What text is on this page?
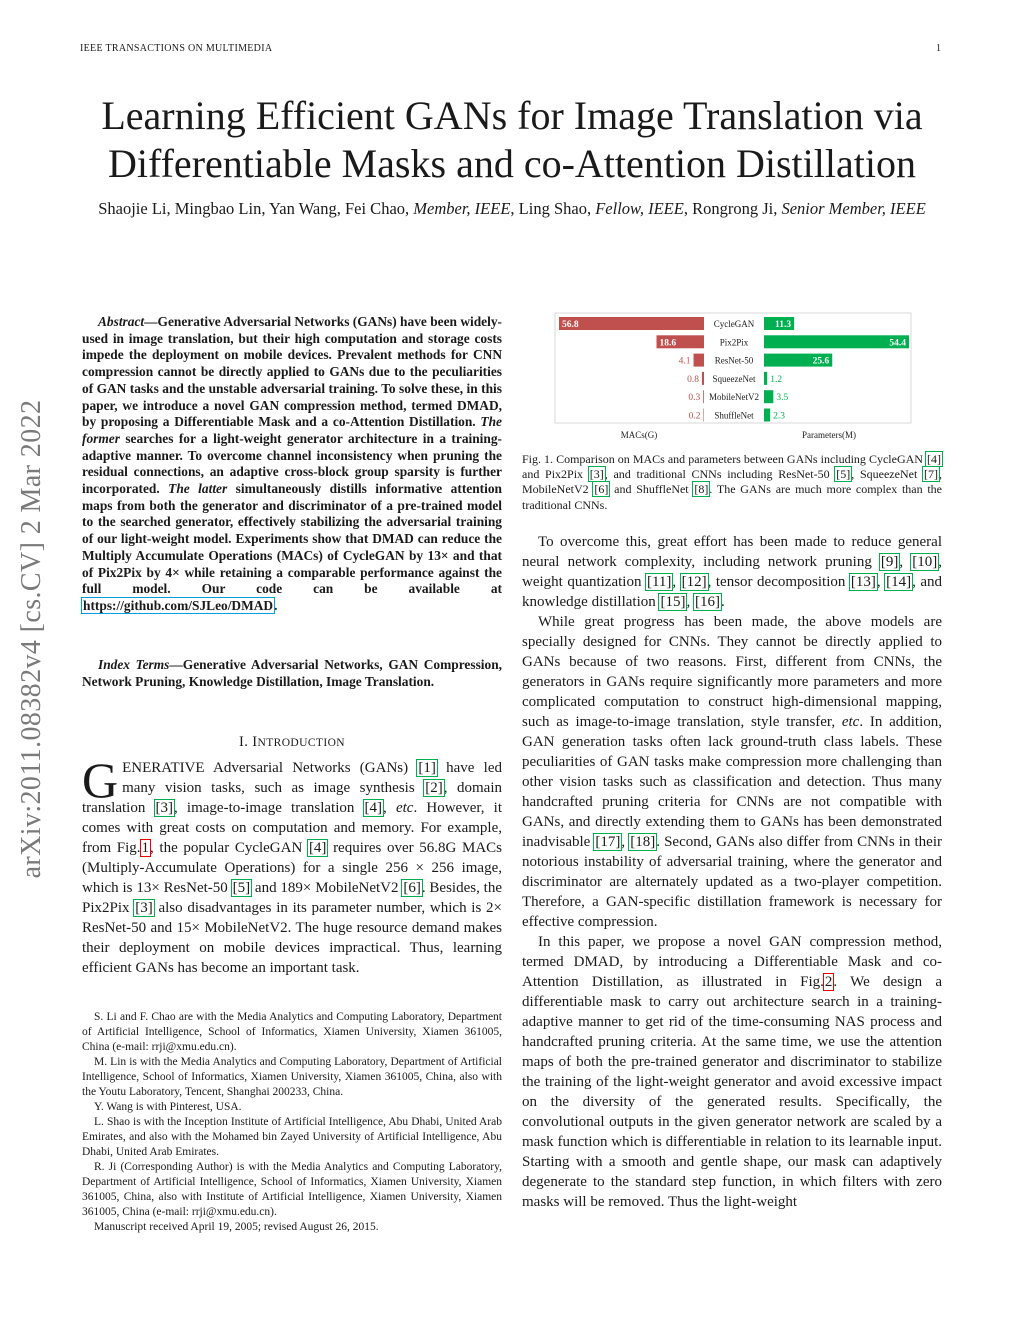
IEEE TRANSACTIONS ON MULTIMEDIA	1
Learning Efficient GANs for Image Translation via
Differentiable Masks and co-Attention Distillation
Shaojie Li, Mingbao Lin, Yan Wang, Fei Chao, Member, IEEE, Ling Shao, Fellow, IEEE, Rongrong Ji, Senior Member, IEEE
arXiv:2011.08382v4 [cs.CV] 2 Mar 2022

Abstract—Generative Adversarial Networks (GANs) have been widely-used in image translation, but their high computation and storage costs impede the deployment on mobile devices. Prevalent methods for CNN compression cannot be directly applied to GANs due to the peculiarities of GAN tasks and the unstable adversarial training. To solve these, in this paper, we introduce a novel GAN compression method, termed DMAD, by proposing a Differentiable Mask and a co-Attention Distillation. The former searches for a light-weight generator architecture in a training-adaptive manner. To overcome channel inconsistency when pruning the residual connections, an adaptive cross-block group sparsity is further incorporated. The latter simultaneously distills informative attention maps from both the generator and discriminator of a pre-trained model to the searched generator, effectively stabilizing the adversarial training of our light-weight model. Experiments show that DMAD can reduce the Multiply Accumulate Operations (MACs) of CycleGAN by 13× and that of Pix2Pix by 4× while retaining a comparable performance against the full model. Our code can be available at https://github.com/SJLeo/DMAD.

Index Terms—Generative Adversarial Networks, GAN Compression, Network Pruning, Knowledge Distillation, Image Translation.

I. INTRODUCTION

GENERATIVE Adversarial Networks (GANs) [1] have led many vision tasks, such as image synthesis [2], domain translation [3], image-to-image translation [4], etc. However, it comes with great costs on computation and memory. For example, from Fig.1, the popular CycleGAN [4] requires over 56.8G MACs (Multiply-Accumulate Operations) for a single 256 × 256 image, which is 13× ResNet-50 [5] and 189× MobileNetV2 [6]. Besides, the Pix2Pix [3] also disadvantages in its parameter number, which is 2× ResNet-50 and 15× MobileNetV2. The huge resource demand makes their deployment on mobile devices impractical. Thus, learning efficient GANs has become an important task.

S. Li and F. Chao are with the Media Analytics and Computing Laboratory, Department of Artificial Intelligence, School of Informatics, Xiamen University, Xiamen 361005, China (e-mail: rrji@xmu.edu.cn).

M. Lin is with the Media Analytics and Computing Laboratory, Department of Artificial Intelligence, School of Informatics, Xiamen University, Xiamen 361005, China, also with the Youtu Laboratory, Tencent, Shanghai 200233, China.

Y. Wang is with Pinterest, USA.

L. Shao is with the Inception Institute of Artificial Intelligence, Abu Dhabi, United Arab Emirates, and also with the Mohamed bin Zayed University of Artificial Intelligence, Abu Dhabi, United Arab Emirates.

R. Ji (Corresponding Author) is with the Media Analytics and Computing Laboratory, Department of Artificial Intelligence, School of Informatics, Xiamen University, Xiamen 361005, China, also with Institute of Artificial Intelligence, Xiamen University, Xiamen 361005, China (e-mail: rrji@xmu.edu.cn).

Manuscript received April 19, 2005; revised August 26, 2015.

CycleGAN
56.8	11.3
Pix2Pix
18.6	54.4
ResNet-50
4.1	25.6
SqueezeNet
0.8	1.2
MobileNetV2
0.3	3.5
ShuffleNet
0.2	2.3
MACs(G)	Parameters(M)

Fig. 1. Comparison on MACs and parameters between GANs including CycleGAN [4] and Pix2Pix [3], and traditional CNNs including ResNet-50 [5], SqueezeNet [7], MobileNetV2 [6] and ShuffleNet [8]. The GANs are much more complex than the traditional CNNs.

To overcome this, great effort has been made to reduce general neural network complexity, including network pruning [9], [10], weight quantization [11], [12], tensor decomposition [13], [14], and knowledge distillation [15], [16].

While great progress has been made, the above models are specially designed for CNNs. They cannot be directly applied to GANs because of two reasons. First, different from CNNs, the generators in GANs require significantly more parameters and more complicated computation to construct high-dimensional mapping, such as image-to-image translation, style transfer, etc. In addition, GAN generation tasks often lack ground-truth class labels. These peculiarities of GAN tasks make compression more challenging than other vision tasks such as classification and detection. Thus many handcrafted pruning criteria for CNNs are not compatible with GANs, and directly extending them to GANs has been demonstrated inadvisable [17], [18]. Second, GANs also differ from CNNs in their notorious instability of adversarial training, where the generator and discriminator are alternately updated as a two-player competition. Therefore, a GAN-specific distillation framework is necessary for effective compression.

In this paper, we propose a novel GAN compression method, termed DMAD, by introducing a Differentiable Mask and co-Attention Distillation, as illustrated in Fig.2. We design a differentiable mask to carry out architecture search in a training-adaptive manner to get rid of the time-consuming NAS process and handcrafted pruning criteria. At the same time, we use the attention maps of both the pre-trained generator and discriminator to stabilize the training of the light-weight generator and avoid excessive impact on the diversity of the generated results. Specifically, the convolutional outputs in the given generator network are scaled by a mask function which is differentiable in relation to its learnable input. Starting with a smooth and gentle shape, our mask can adaptively degenerate to the standard step function, in which filters with zero masks will be removed. Thus the light-weight
